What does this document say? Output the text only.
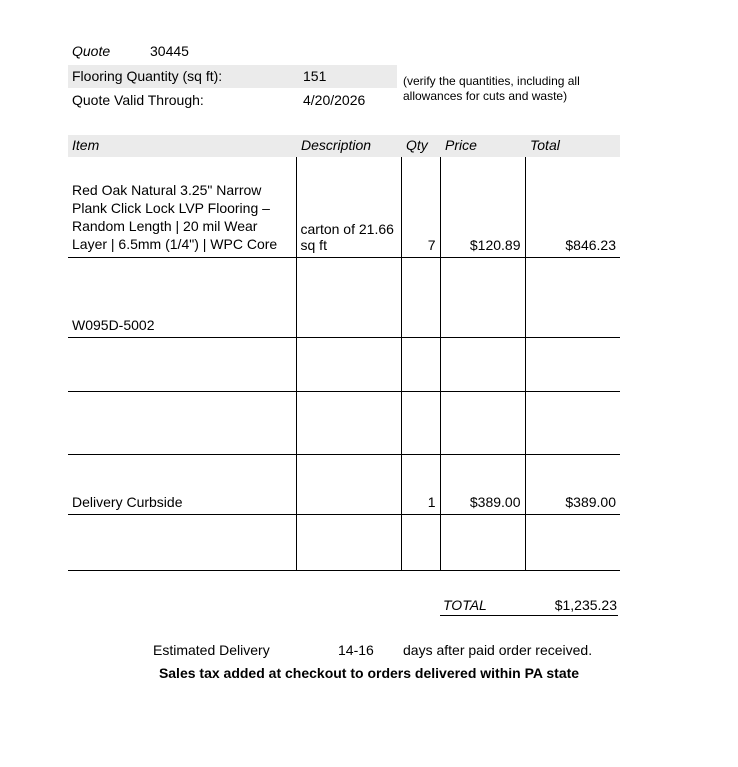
Quote	30445
Flooring Quantity (sq ft):	151
Quote Valid Through:	4/20/2026
(verify the quantities, including all
allowances for cuts and waste)
Item	Description	Qty	Price	Total
Red Oak Natural 3.25" Narrow Plank Click Lock LVP Flooring – Random Length | 20 mil Wear Layer | 6.5mm (1/4") | WPC Core	carton of 21.66 sq ft	7	$120.89	$846.23
W095D-5002				

Delivery Curbside		1	$389.00	$389.00

TOTAL	$1,235.23
Estimated Delivery	14-16 days after paid order received.
Sales tax added at checkout to orders delivered within PA state
